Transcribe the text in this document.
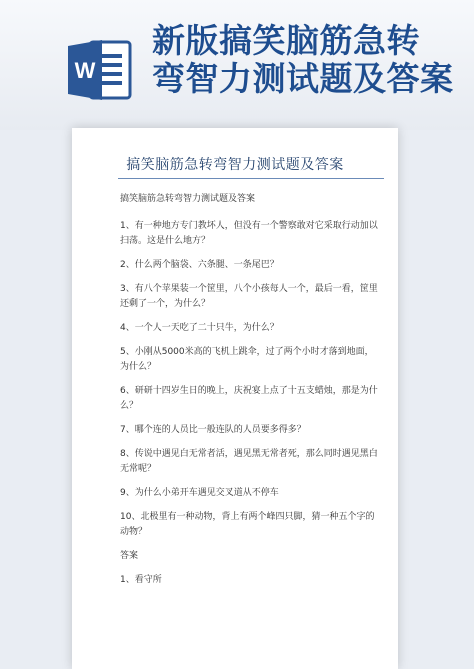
W
新版搞笑脑筋急转
弯智力测试题及答案
搞笑脑筋急转弯智力测试题及答案

搞笑脑筋急转弯智力测试题及答案

1、有一种地方专门教坏人，但没有一个警察敢对它采取行动加以扫荡。这是什么地方？

2、什么两个脑袋、六条腿、一条尾巴？

3、有八个苹果装一个筐里，八个小孩每人一个，最后一看，筐里还剩了一个，为什么？

4、一个人一天吃了二十只牛，为什么？

5、小刚从5000米高的飞机上跳伞，过了两个小时才落到地面，为什么？

6、研研十四岁生日的晚上，庆祝宴上点了十五支蜡烛，那是为什么？

7、哪个连的人员比一般连队的人员要多得多？

8、传说中遇见白无常者活，遇见黑无常者死，那么同时遇见黑白无常呢？

9、为什么小弟开车遇见交叉道从不停车

10、北极里有一种动物，背上有两个峰四只脚，猜一种五个字的动物？

答案

1、看守所
